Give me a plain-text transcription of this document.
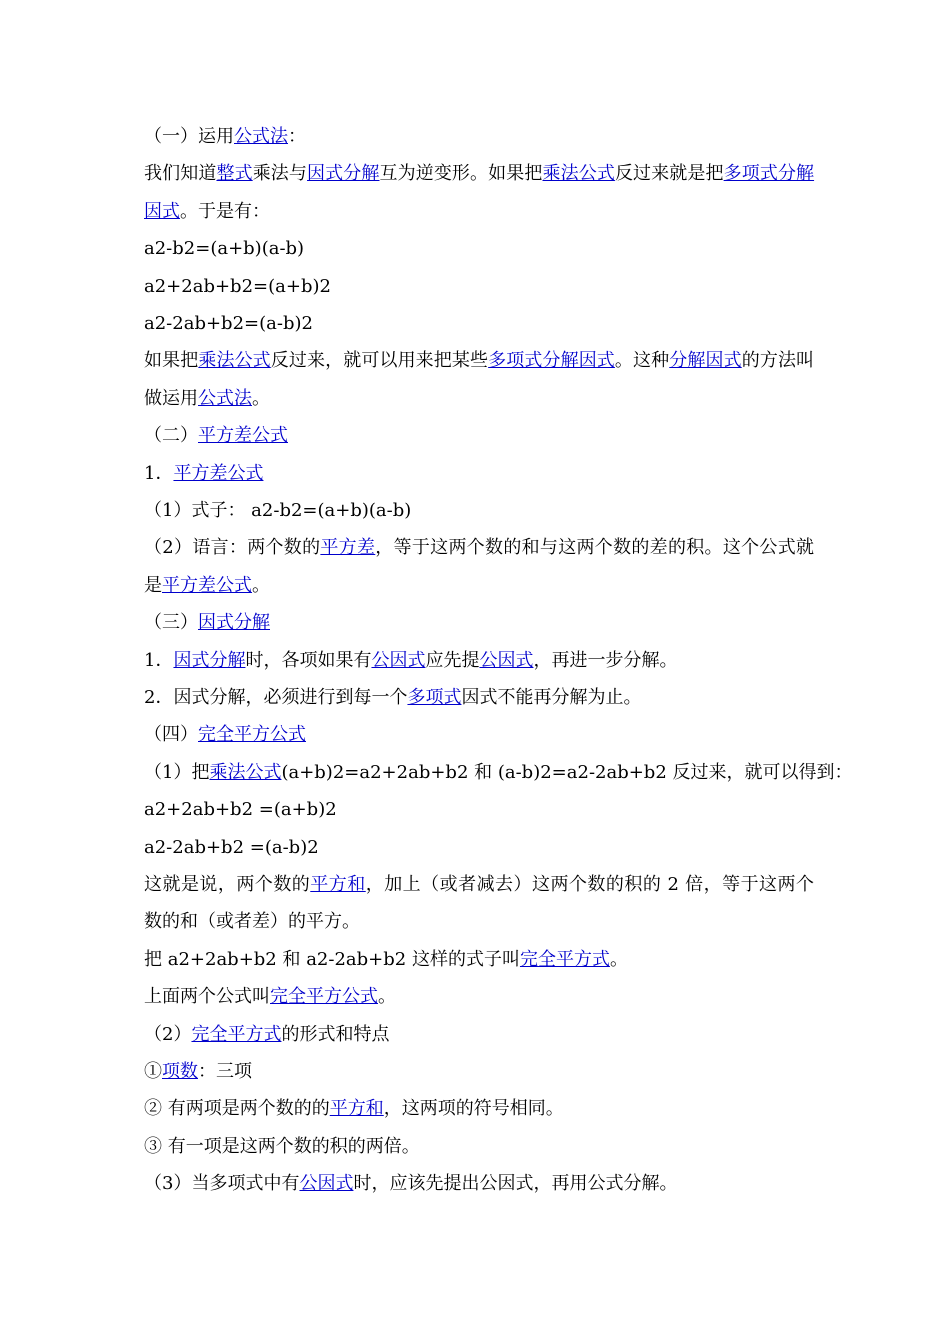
（一）运用公式法：
我们知道整式乘法与因式分解互为逆变形。如果把乘法公式反过来就是把多项式分解因式。于是有：
a2-b2=(a+b)(a-b)
a2+2ab+b2=(a+b)2
a2-2ab+b2=(a-b)2
如果把乘法公式反过来，就可以用来把某些多项式分解因式。这种分解因式的方法叫做运用公式法。
（二）平方差公式
1．平方差公式
（1）式子： a2-b2=(a+b)(a-b)
（2）语言：两个数的平方差，等于这两个数的和与这两个数的差的积。这个公式就是平方差公式。
（三）因式分解
1．因式分解时，各项如果有公因式应先提公因式，再进一步分解。
2．因式分解，必须进行到每一个多项式因式不能再分解为止。
（四）完全平方公式
（1）把乘法公式(a+b)2=a2+2ab+b2 和 (a-b)2=a2-2ab+b2 反过来，就可以得到：
a2+2ab+b2 =(a+b)2
a2-2ab+b2 =(a-b)2
这就是说，两个数的平方和，加上（或者减去）这两个数的积的 2 倍，等于这两个数的和（或者差）的平方。
把 a2+2ab+b2 和 a2-2ab+b2 这样的式子叫完全平方式。
上面两个公式叫完全平方公式。
（2）完全平方式的形式和特点
①项数：三项
② 有两项是两个数的的平方和，这两项的符号相同。
③ 有一项是这两个数的积的两倍。
（3）当多项式中有公因式时，应该先提出公因式，再用公式分解。
